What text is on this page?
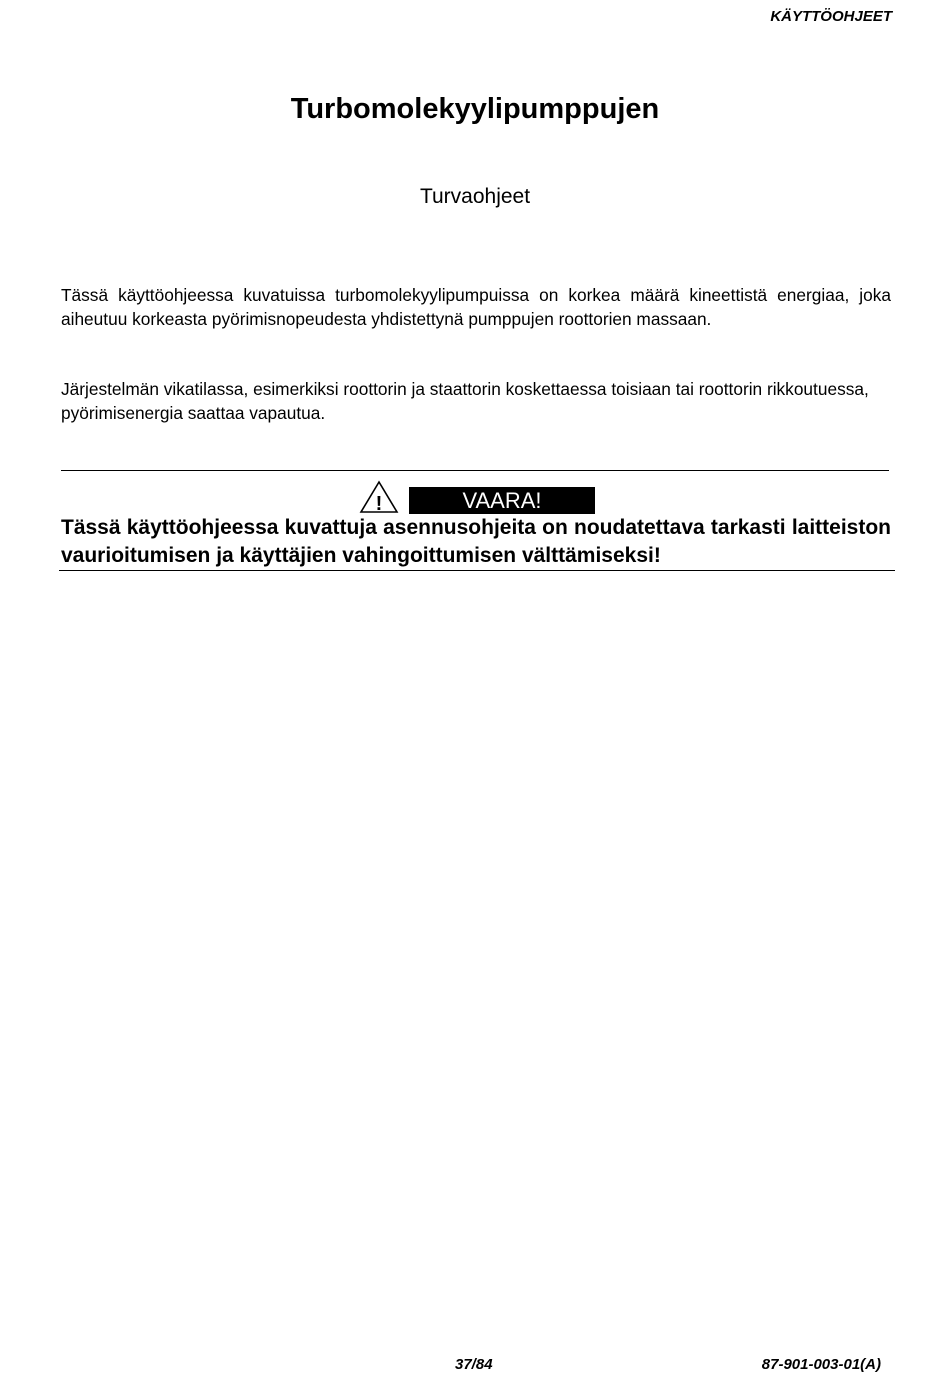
KÄYTTÖOHJEET
Turbomolekyylipumppujen
Turvaohjeet

Tässä käyttöohjeessa kuvatuissa turbomolekyylipumpuissa on korkea määrä kineettistä energiaa, joka aiheutuu korkeasta pyörimisnopeudesta yhdistettynä pumppujen roottorien massaan.

Järjestelmän vikatilassa, esimerkiksi roottorin ja staattorin koskettaessa toisiaan tai roottorin rikkoutuessa, pyörimisenergia saattaa vapautua.

!	VAARA!
Tässä käyttöohjeessa kuvattuja asennusohjeita on noudatettava tarkasti laitteiston vaurioitumisen ja käyttäjien vahingoittumisen välttämiseksi!
37/84	87-901-003-01(A)
